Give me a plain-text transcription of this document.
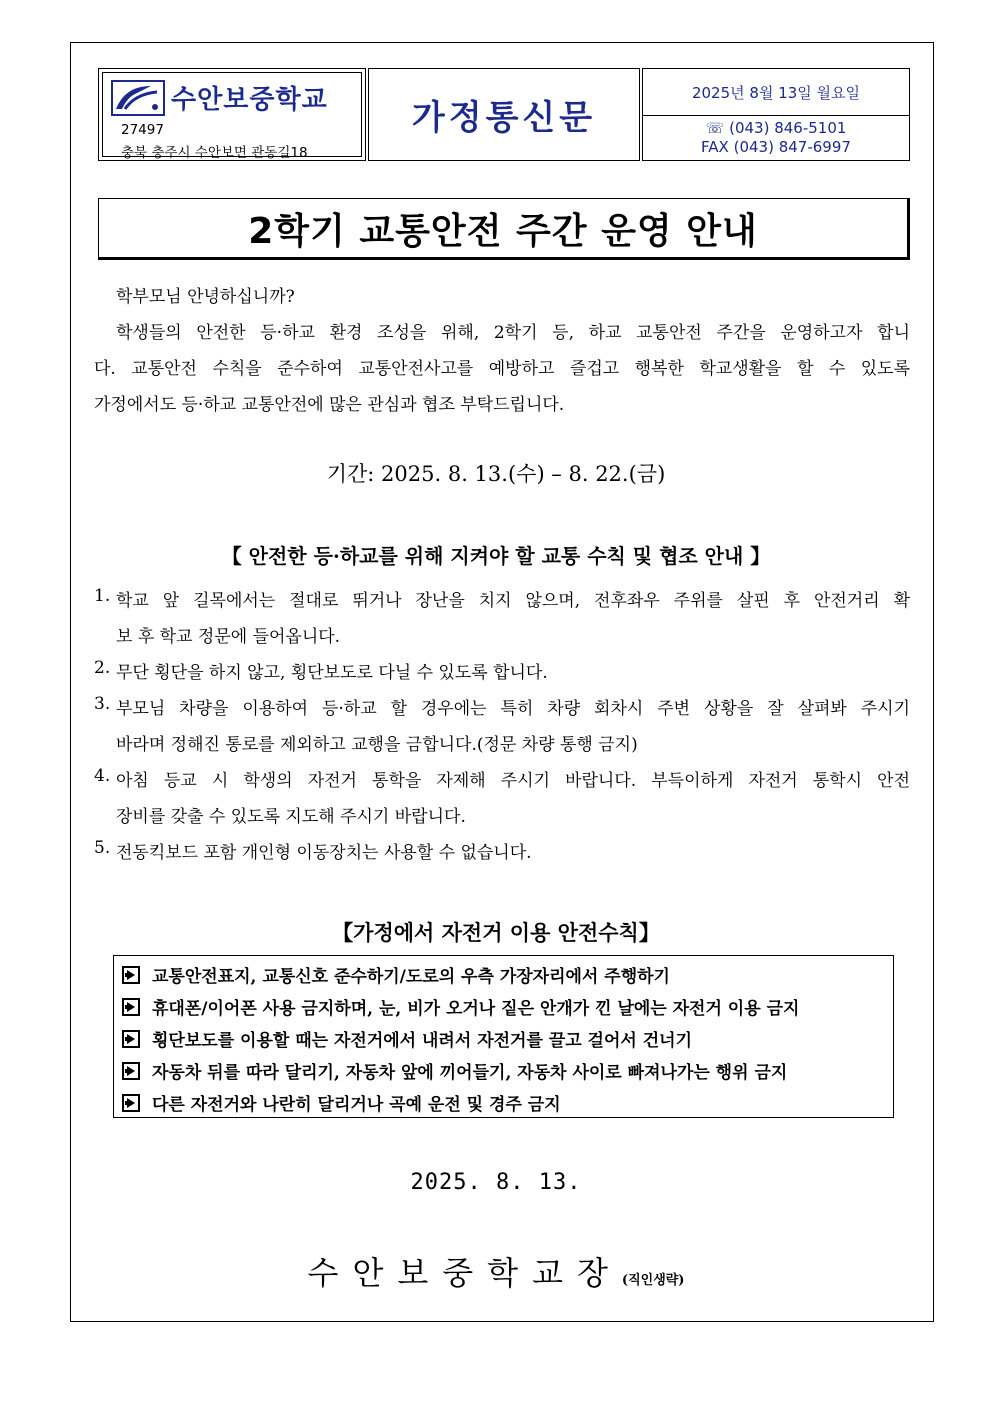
수안보중학교
27497
충북 충주시 수안보면 관동길18
가정통신문
2025년 8월 13일 월요일
☏ (043) 846-5101
FAX (043) 847-6997
2학기 교통안전 주간 운영 안내
학부모님 안녕하십니까?
학생들의 안전한 등·하교 환경 조성을 위해, 2학기 등, 하교 교통안전 주간을 운영하고자 합니
다. 교통안전 수칙을 준수하여 교통안전사고를 예방하고 즐겁고 행복한 학교생활을 할 수 있도록
가정에서도 등·하교 교통안전에 많은 관심과 협조 부탁드립니다.
기간: 2025. 8. 13.(수) – 8. 22.(금)
【 안전한 등·하교를 위해 지켜야 할 교통 수칙 및 협조 안내 】
1. 학교 앞 길목에서는 절대로 뛰거나 장난을 치지 않으며, 전후좌우 주위를 살핀 후 안전거리 확
보 후 학교 정문에 들어옵니다.
2. 무단 횡단을 하지 않고, 횡단보도로 다닐 수 있도록 합니다.
3. 부모님 차량을 이용하여 등·하교 할 경우에는 특히 차량 회차시 주변 상황을 잘 살펴봐 주시기
바라며 정해진 통로를 제외하고 교행을 금합니다.(정문 차량 통행 금지)
4. 아침 등교 시 학생의 자전거 통학을 자제해 주시기 바랍니다. 부득이하게 자전거 통학시 안전
장비를 갖출 수 있도록 지도해 주시기 바랍니다.
5. 전동킥보드 포함 개인형 이동장치는 사용할 수 없습니다.
【가정에서 자전거 이용 안전수칙】
교통안전표지, 교통신호 준수하기/도로의 우측 가장자리에서 주행하기
휴대폰/이어폰 사용 금지하며, 눈, 비가 오거나 짙은 안개가 낀 날에는 자전거 이용 금지
횡단보도를 이용할 때는 자전거에서 내려서 자전거를 끌고 걸어서 건너기
자동차 뒤를 따라 달리기, 자동차 앞에 끼어들기, 자동차 사이로 빠져나가는 행위 금지
다른 자전거와 나란히 달리거나 곡예 운전 및 경주 금지
2025. 8. 13.
수안보중학교장(직인생략)
